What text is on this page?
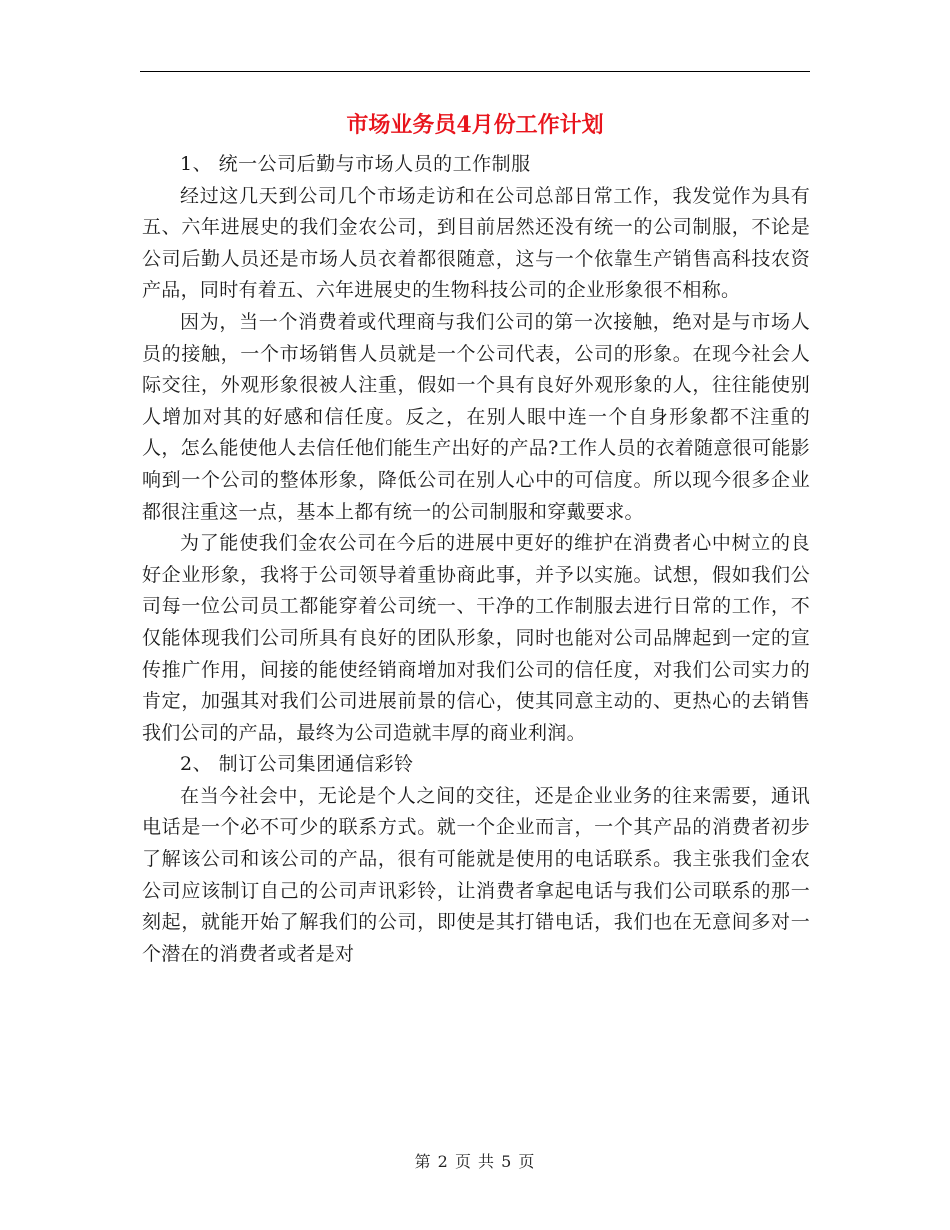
市场业务员4月份工作计划

1、 统一公司后勤与市场人员的工作制服

经过这几天到公司几个市场走访和在公司总部日常工作，我发觉作为具有五、六年进展史的我们金农公司，到目前居然还没有统一的公司制服，不论是公司后勤人员还是市场人员衣着都很随意，这与一个依靠生产销售高科技农资产品，同时有着五、六年进展史的生物科技公司的企业形象很不相称。

因为，当一个消费着或代理商与我们公司的第一次接触，绝对是与市场人员的接触，一个市场销售人员就是一个公司代表，公司的形象。在现今社会人际交往，外观形象很被人注重，假如一个具有良好外观形象的人，往往能使别人增加对其的好感和信任度。反之，在别人眼中连一个自身形象都不注重的人，怎么能使他人去信任他们能生产出好的产品?工作人员的衣着随意很可能影响到一个公司的整体形象，降低公司在别人心中的可信度。所以现今很多企业都很注重这一点，基本上都有统一的公司制服和穿戴要求。

为了能使我们金农公司在今后的进展中更好的维护在消费者心中树立的良好企业形象，我将于公司领导着重协商此事，并予以实施。试想，假如我们公司每一位公司员工都能穿着公司统一、干净的工作制服去进行日常的工作，不仅能体现我们公司所具有良好的团队形象，同时也能对公司品牌起到一定的宣传推广作用，间接的能使经销商增加对我们公司的信任度，对我们公司实力的肯定，加强其对我们公司进展前景的信心，使其同意主动的、更热心的去销售我们公司的产品，最终为公司造就丰厚的商业利润。

2、 制订公司集团通信彩铃

在当今社会中，无论是个人之间的交往，还是企业业务的往来需要，通讯电话是一个必不可少的联系方式。就一个企业而言，一个其产品的消费者初步了解该公司和该公司的产品，很有可能就是使用的电话联系。我主张我们金农公司应该制订自己的公司声讯彩铃，让消费者拿起电话与我们公司联系的那一刻起，就能开始了解我们的公司，即使是其打错电话，我们也在无意间多对一个潜在的消费者或者是对

第 2 页 共 5 页
